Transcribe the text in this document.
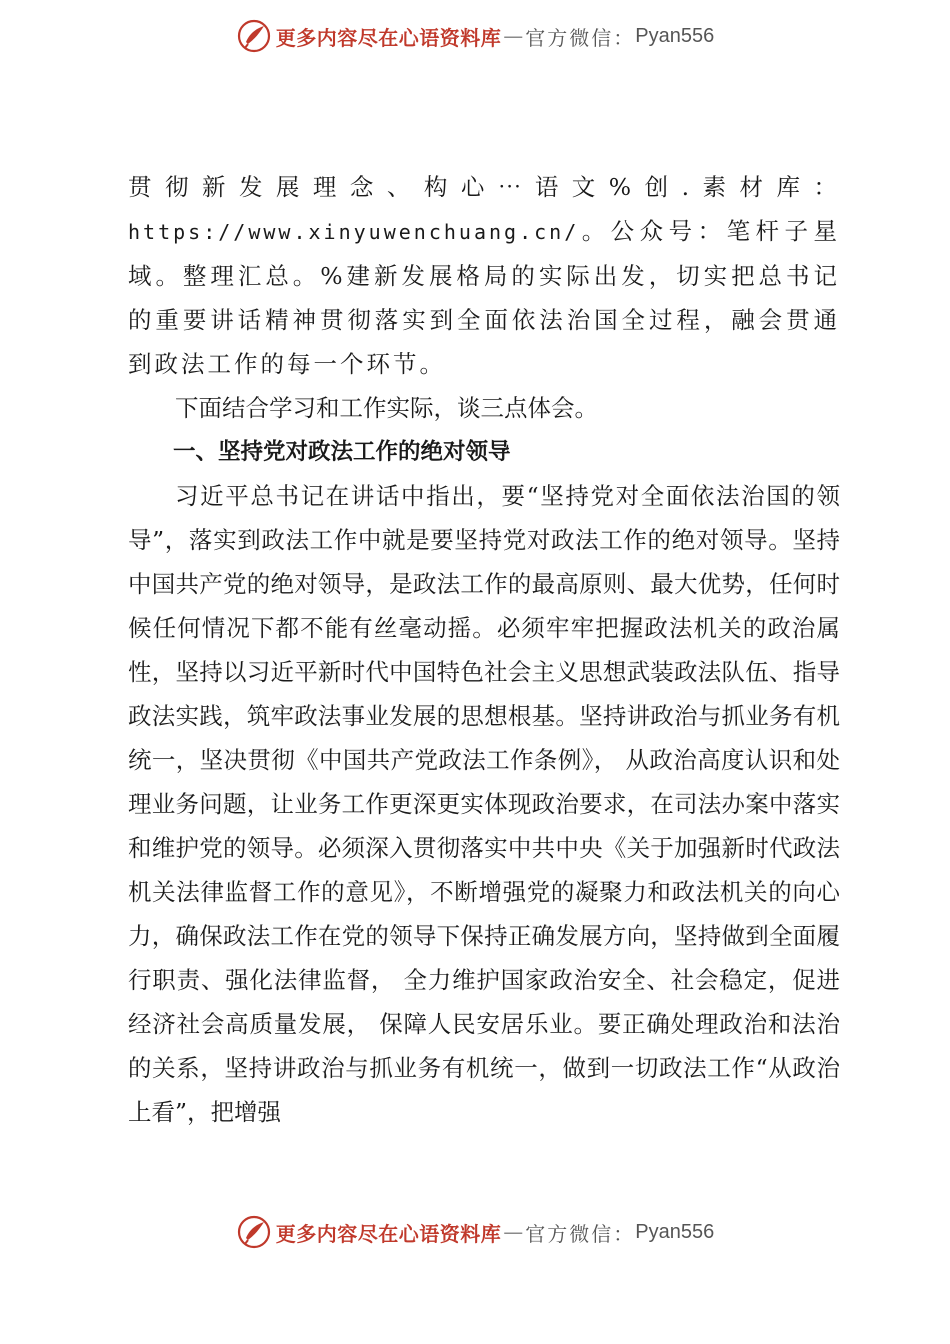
更多内容尽在心语资料库 — 官方微信： Pyan556

贯彻新发展理念、构心⋯语文%创.素材库：https://www.xinyuwenchuang.cn/。公众号：笔杆子星域。整理汇总。%建新发展格局的实际出发，切实把总书记的重要讲话精神贯彻落实到全面依法治国全过程，融会贯通到政法工作的每一个环节。

下面结合学习和工作实际，谈三点体会。

一、坚持党对政法工作的绝对领导

习近平总书记在讲话中指出，要“坚持党对全面依法治国的领导”，落实到政法工作中就是要坚持党对政法工作的绝对领导。坚持中国共产党的绝对领导，是政法工作的最高原则、最大优势，任何时候任何情况下都不能有丝毫动摇。必须牢牢把握政法机关的政治属性，坚持以习近平新时代中国特色社会主义思想武装政法队伍、指导政法实践，筑牢政法事业发展的思想根基。坚持讲政治与抓业务有机统一，坚决贯彻《中国共产党政法工作条例》， 从政治高度认识和处理业务问题，让业务工作更深更实体现政治要求，在司法办案中落实和维护党的领导。必须深入贯彻落实中共中央《关于加强新时代政法机关法律监督工作的意见》，不断增强党的凝聚力和政法机关的向心力，确保政法工作在党的领导下保持正确发展方向，坚持做到全面履行职责、强化法律监督， 全力维护国家政治安全、社会稳定，促进经济社会高质量发展， 保障人民安居乐业。要正确处理政治和法治的关系，坚持讲政治与抓业务有机统一，做到一切政法工作“从政治上看”，把增强

更多内容尽在心语资料库 — 官方微信： Pyan556
